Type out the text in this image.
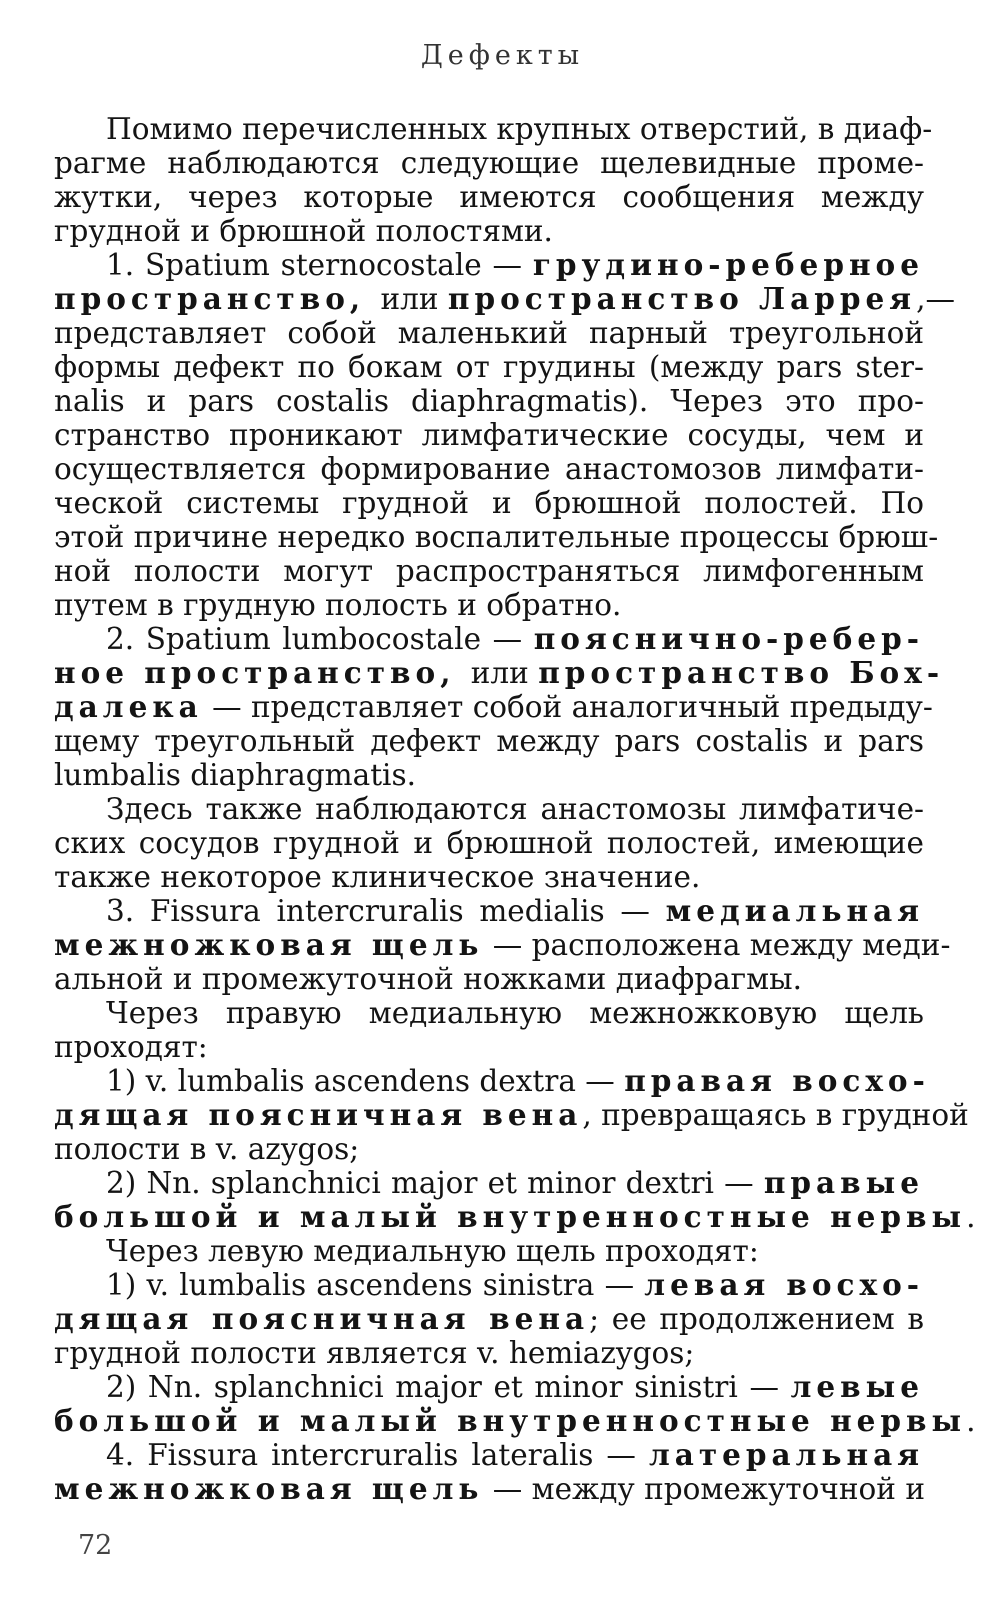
Дефекты
Помимо перечисленных крупных отверстий, в диаф-
рагме наблюдаются следующие щелевидные проме-
жутки, через которые имеются сообщения между
грудной и брюшной полостями.
1. Spatium sternocostale — грудино-реберное
пространство, или пространство Ларрея,—
представляет собой маленький парный треугольной
формы дефект по бокам от грудины (между pars ster-
nalis и pars costalis diaphragmatis). Через это про-
странство проникают лимфатические сосуды, чем и
осуществляется формирование анастомозов лимфати-
ческой системы грудной и брюшной полостей. По
этой причине нередко воспалительные процессы брюш-
ной полости могут распространяться лимфогенным
путем в грудную полость и обратно.
2. Spatium lumbocostale — пояснично-ребер-
ное пространство, или пространство Бох-
далека — представляет собой аналогичный предыду-
щему треугольный дефект между pars costalis и pars
lumbalis diaphragmatis.
Здесь также наблюдаются анастомозы лимфатиче-
ских сосудов грудной и брюшной полостей, имеющие
также некоторое клиническое значение.
3. Fissura intercruralis medialis — медиальная
межножковая щель — расположена между меди-
альной и промежуточной ножками диафрагмы.
Через правую медиальную межножковую щель
проходят:
1) v. lumbalis ascendens dextra — правая восхо-
дящая поясничная вена, превращаясь в грудной
полости в v. azygos;
2) Nn. splanchnici major et minor dextri — правые
большой и малый внутренностные нервы.
Через левую медиальную щель проходят:
1) v. lumbalis ascendens sinistra — левая восхо-
дящая поясничная вена; ее продолжением в
грудной полости является v. hemiazygos;
2) Nn. splanchnici major et minor sinistri — левые
большой и малый внутренностные нервы.
4. Fissura intercruralis lateralis — латеральная
межножковая щель — между промежуточной и
72
